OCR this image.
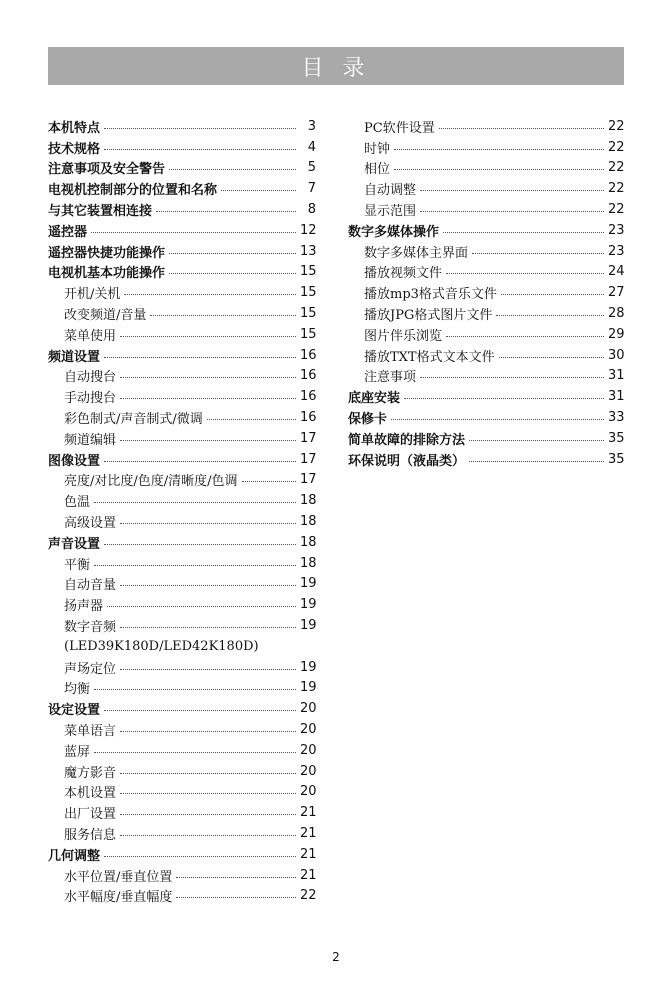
目 录
本机特点	3
技术规格	4
注意事项及安全警告	5
电视机控制部分的位置和名称	7
与其它装置相连接	8
遥控器	12
遥控器快捷功能操作	13
电视机基本功能操作	15
开机/关机	15
改变频道/音量	15
菜单使用	15
频道设置	16
自动搜台	16
手动搜台	16
彩色制式/声音制式/微调	16
频道编辑	17
图像设置	17
亮度/对比度/色度/清晰度/色调	17
色温	18
高级设置	18
声音设置	18
平衡	18
自动音量	19
扬声器	19
数字音频	19
(LED39K180D/LED42K180D)
声场定位	19
均衡	19
设定设置	20
菜单语言	20
蓝屏	20
魔方影音	20
本机设置	20
出厂设置	21
服务信息	21
几何调整	21
水平位置/垂直位置	21
水平幅度/垂直幅度	22
PC软件设置	22
时钟	22
相位	22
自动调整	22
显示范围	22
数字多媒体操作	23
数字多媒体主界面	23
播放视频文件	24
播放mp3格式音乐文件	27
播放JPG格式图片文件	28
图片伴乐浏览	29
播放TXT格式文本文件	30
注意事项	31
底座安装	31
保修卡	33
简单故障的排除方法	35
环保说明（液晶类）	35
2
